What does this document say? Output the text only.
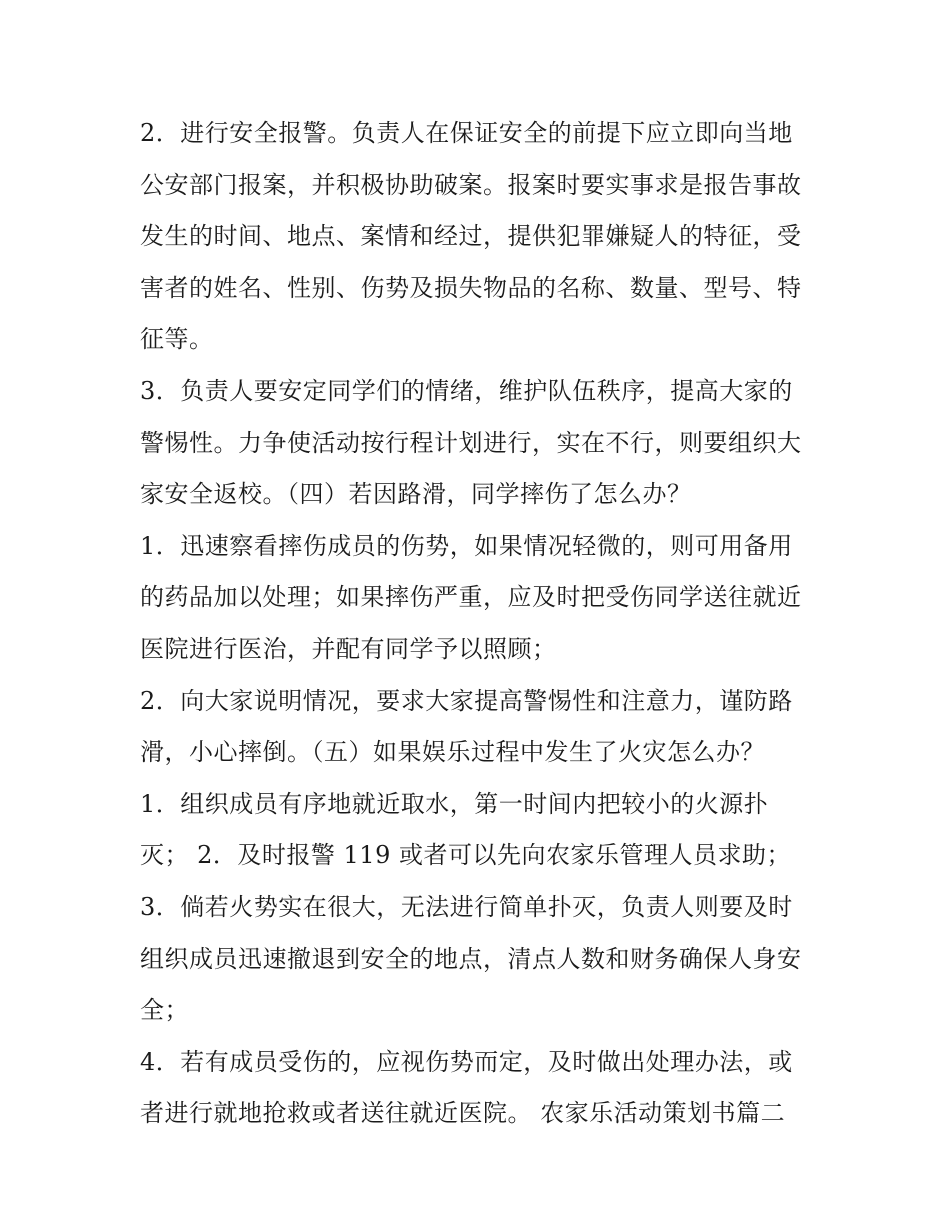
2．进行安全报警。负责人在保证安全的前提下应立即向当地
公安部门报案，并积极协助破案。报案时要实事求是报告事故
发生的时间、地点、案情和经过，提供犯罪嫌疑人的特征，受
害者的姓名、性别、伤势及损失物品的名称、数量、型号、特
征等。
3．负责人要安定同学们的情绪，维护队伍秩序，提高大家的
警惕性。力争使活动按行程计划进行，实在不行，则要组织大
家安全返校。（四）若因路滑，同学摔伤了怎么办？
1．迅速察看摔伤成员的伤势，如果情况轻微的，则可用备用
的药品加以处理；如果摔伤严重，应及时把受伤同学送往就近
医院进行医治，并配有同学予以照顾；
2．向大家说明情况，要求大家提高警惕性和注意力，谨防路
滑，小心摔倒。（五）如果娱乐过程中发生了火灾怎么办？
1．组织成员有序地就近取水，第一时间内把较小的火源扑
灭； 2．及时报警 119 或者可以先向农家乐管理人员求助；
3．倘若火势实在很大，无法进行简单扑灭，负责人则要及时
组织成员迅速撤退到安全的地点，清点人数和财务确保人身安
全；
4．若有成员受伤的，应视伤势而定，及时做出处理办法，或
者进行就地抢救或者送往就近医院。 农家乐活动策划书篇二
